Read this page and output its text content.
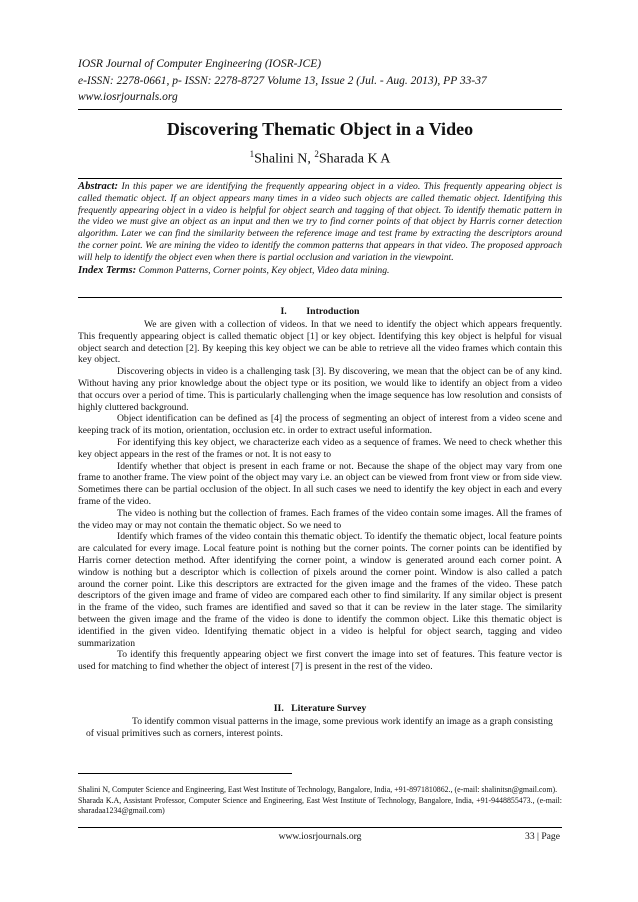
IOSR Journal of Computer Engineering (IOSR-JCE)
e-ISSN: 2278-0661, p- ISSN: 2278-8727 Volume 13, Issue 2 (Jul. - Aug. 2013), PP 33-37
www.iosrjournals.org
Discovering Thematic Object in a Video
$^1$Shalini N, $^2$Sharada K A
Abstract: In this paper we are identifying the frequently appearing object in a video. This frequently appearing object is called thematic object. If an object appears many times in a video such objects are called thematic object. Identifying this frequently appearing object in a video is helpful for object search and tagging of that object. To identify thematic pattern in the video we must give an object as an input and then we try to find corner points of that object by Harris corner detection algorithm. Later we can find the similarity between the reference image and test frame by extracting the descriptors around the corner point. We are mining the video to identify the common patterns that appears in that video. The proposed approach will help to identify the object even when there is partial occlusion and variation in the viewpoint.
Index Terms: Common Patterns, Corner points, Key object, Video data mining.
I.        Introduction

We are given with a collection of videos. In that we need to identify the object which appears frequently. This frequently appearing object is called thematic object [1] or key object. Identifying this key object is helpful for visual object search and detection [2]. By keeping this key object we can be able to retrieve all the video frames which contain this key object.

Discovering objects in video is a challenging task [3]. By discovering, we mean that the object can be of any kind. Without having any prior knowledge about the object type or its position, we would like to identify an object from a video that occurs over a period of time. This is particularly challenging when the image sequence has low resolution and consists of highly cluttered background.

Object identification can be defined as [4] the process of segmenting an object of interest from a video scene and keeping track of its motion, orientation, occlusion etc. in order to extract useful information.

For identifying this key object, we characterize each video as a sequence of frames. We need to check whether this key object appears in the rest of the frames or not. It is not easy to

Identify whether that object is present in each frame or not. Because the shape of the object may vary from one frame to another frame. The view point of the object may vary i.e. an object can be viewed from front view or from side view. Sometimes there can be partial occlusion of the object. In all such cases we need to identify the key object in each and every frame of the video.

The video is nothing but the collection of frames. Each frames of the video contain some images. All the frames of the video may or may not contain the thematic object. So we need to

Identify which frames of the video contain this thematic object. To identify the thematic object, local feature points are calculated for every image. Local feature point is nothing but the corner points. The corner points can be identified by Harris corner detection method. After identifying the corner point, a window is generated around each corner point. A window is nothing but a descriptor which is collection of pixels around the corner point. Window is also called a patch around the corner point. Like this descriptors are extracted for the given image and the frames of the video. These patch descriptors of the given image and frame of video are compared each other to find similarity. If any similar object is present in the frame of the video, such frames are identified and saved so that it can be review in the later stage. The similarity between the given image and the frame of the video is done to identify the common object. Like this thematic object is identified in the given video. Identifying thematic object in a video is helpful for object search, tagging and video summarization

To identify this frequently appearing object we first convert the image into set of features. This feature vector is used for matching to find whether the object of interest [7] is present in the rest of the video.

II.   Literature Survey

To identify common visual patterns in the image, some previous work identify an image as a graph consisting of visual primitives such as corners, interest points.

Shalini N, Computer Science and Engineering, East West Institute of Technology, Bangalore, India, +91-8971810862., (e-mail: shalinitsn@gmail.com).
Sharada K.A, Assistant Professor, Computer Science and Engineering, East West Institute of Technology, Bangalore, India, +91-9448855473., (e-mail: sharadaa1234@gmail.com)
www.iosrjournals.org	33 | Page
